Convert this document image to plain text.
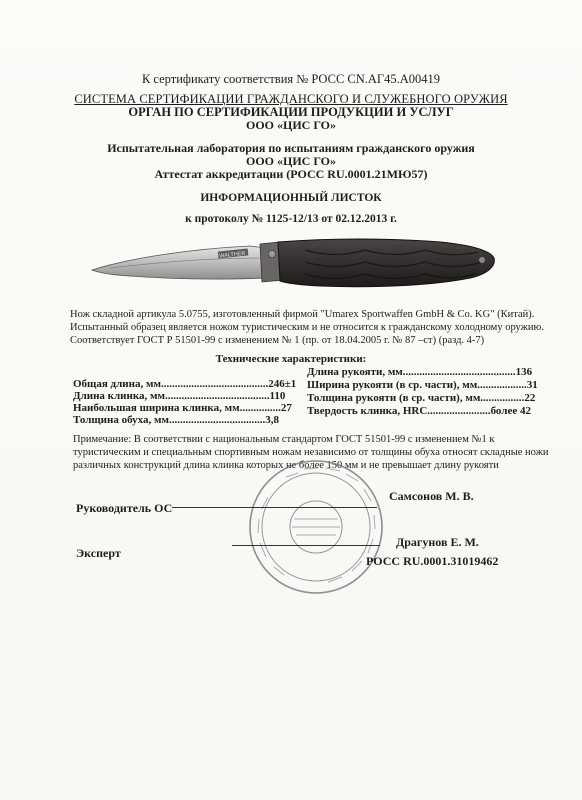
К сертификату соответствия № РОСС CN.АГ45.А00419
СИСТЕМА СЕРТИФИКАЦИИ ГРАЖДАНСКОГО И СЛУЖЕБНОГО ОРУЖИЯ
ОРГАН ПО СЕРТИФИКАЦИИ ПРОДУКЦИИ И УСЛУГ
ООО «ЦИС ГО»
Испытательная лаборатория по испытаниям гражданского оружия
ООО «ЦИС ГО»
Аттестат аккредитации (РОСС RU.0001.21МЮ57)
ИНФОРМАЦИОННЫЙ ЛИСТОК
к протоколу № 1125-12/13 от 02.12.2013 г.
WALTHER
Нож складной артикула 5.0755, изготовленный фирмой "Umarex Sportwaffen GmbH & Co. KG" (Китай).
Испытанный образец является ножом туристическим и не относится к гражданскому холодному оружию.
Соответствует ГОСТ Р 51501-99 с изменением № 1 (пр. от 18.04.2005 г. № 87 –ст) (разд. 4-7)
Технические характеристики:
Общая длина, мм.......................................246±1
Длина клинка, мм......................................110
Наибольшая ширина клинка, мм...............27
Толщина обуха, мм...................................3,8
Длина рукояти, мм.........................................136
Ширина рукояти (в ср. части), мм..................31
Толщина рукояти (в ср. части), мм................22
Твердость клинка, HRC.......................более 42
Примечание: В соответствии с национальным стандартом ГОСТ 51501-99 с изменением №1 к
туристическим и специальным спортивным ножам независимо от толщины обуха относят складные ножи
различных конструкций длина клинка которых не более 150 мм и не превышает длину рукояти
Руководитель ОС
Самсонов М. В.
Эксперт
Драгунов Е. М.
РОСС RU.0001.31019462
